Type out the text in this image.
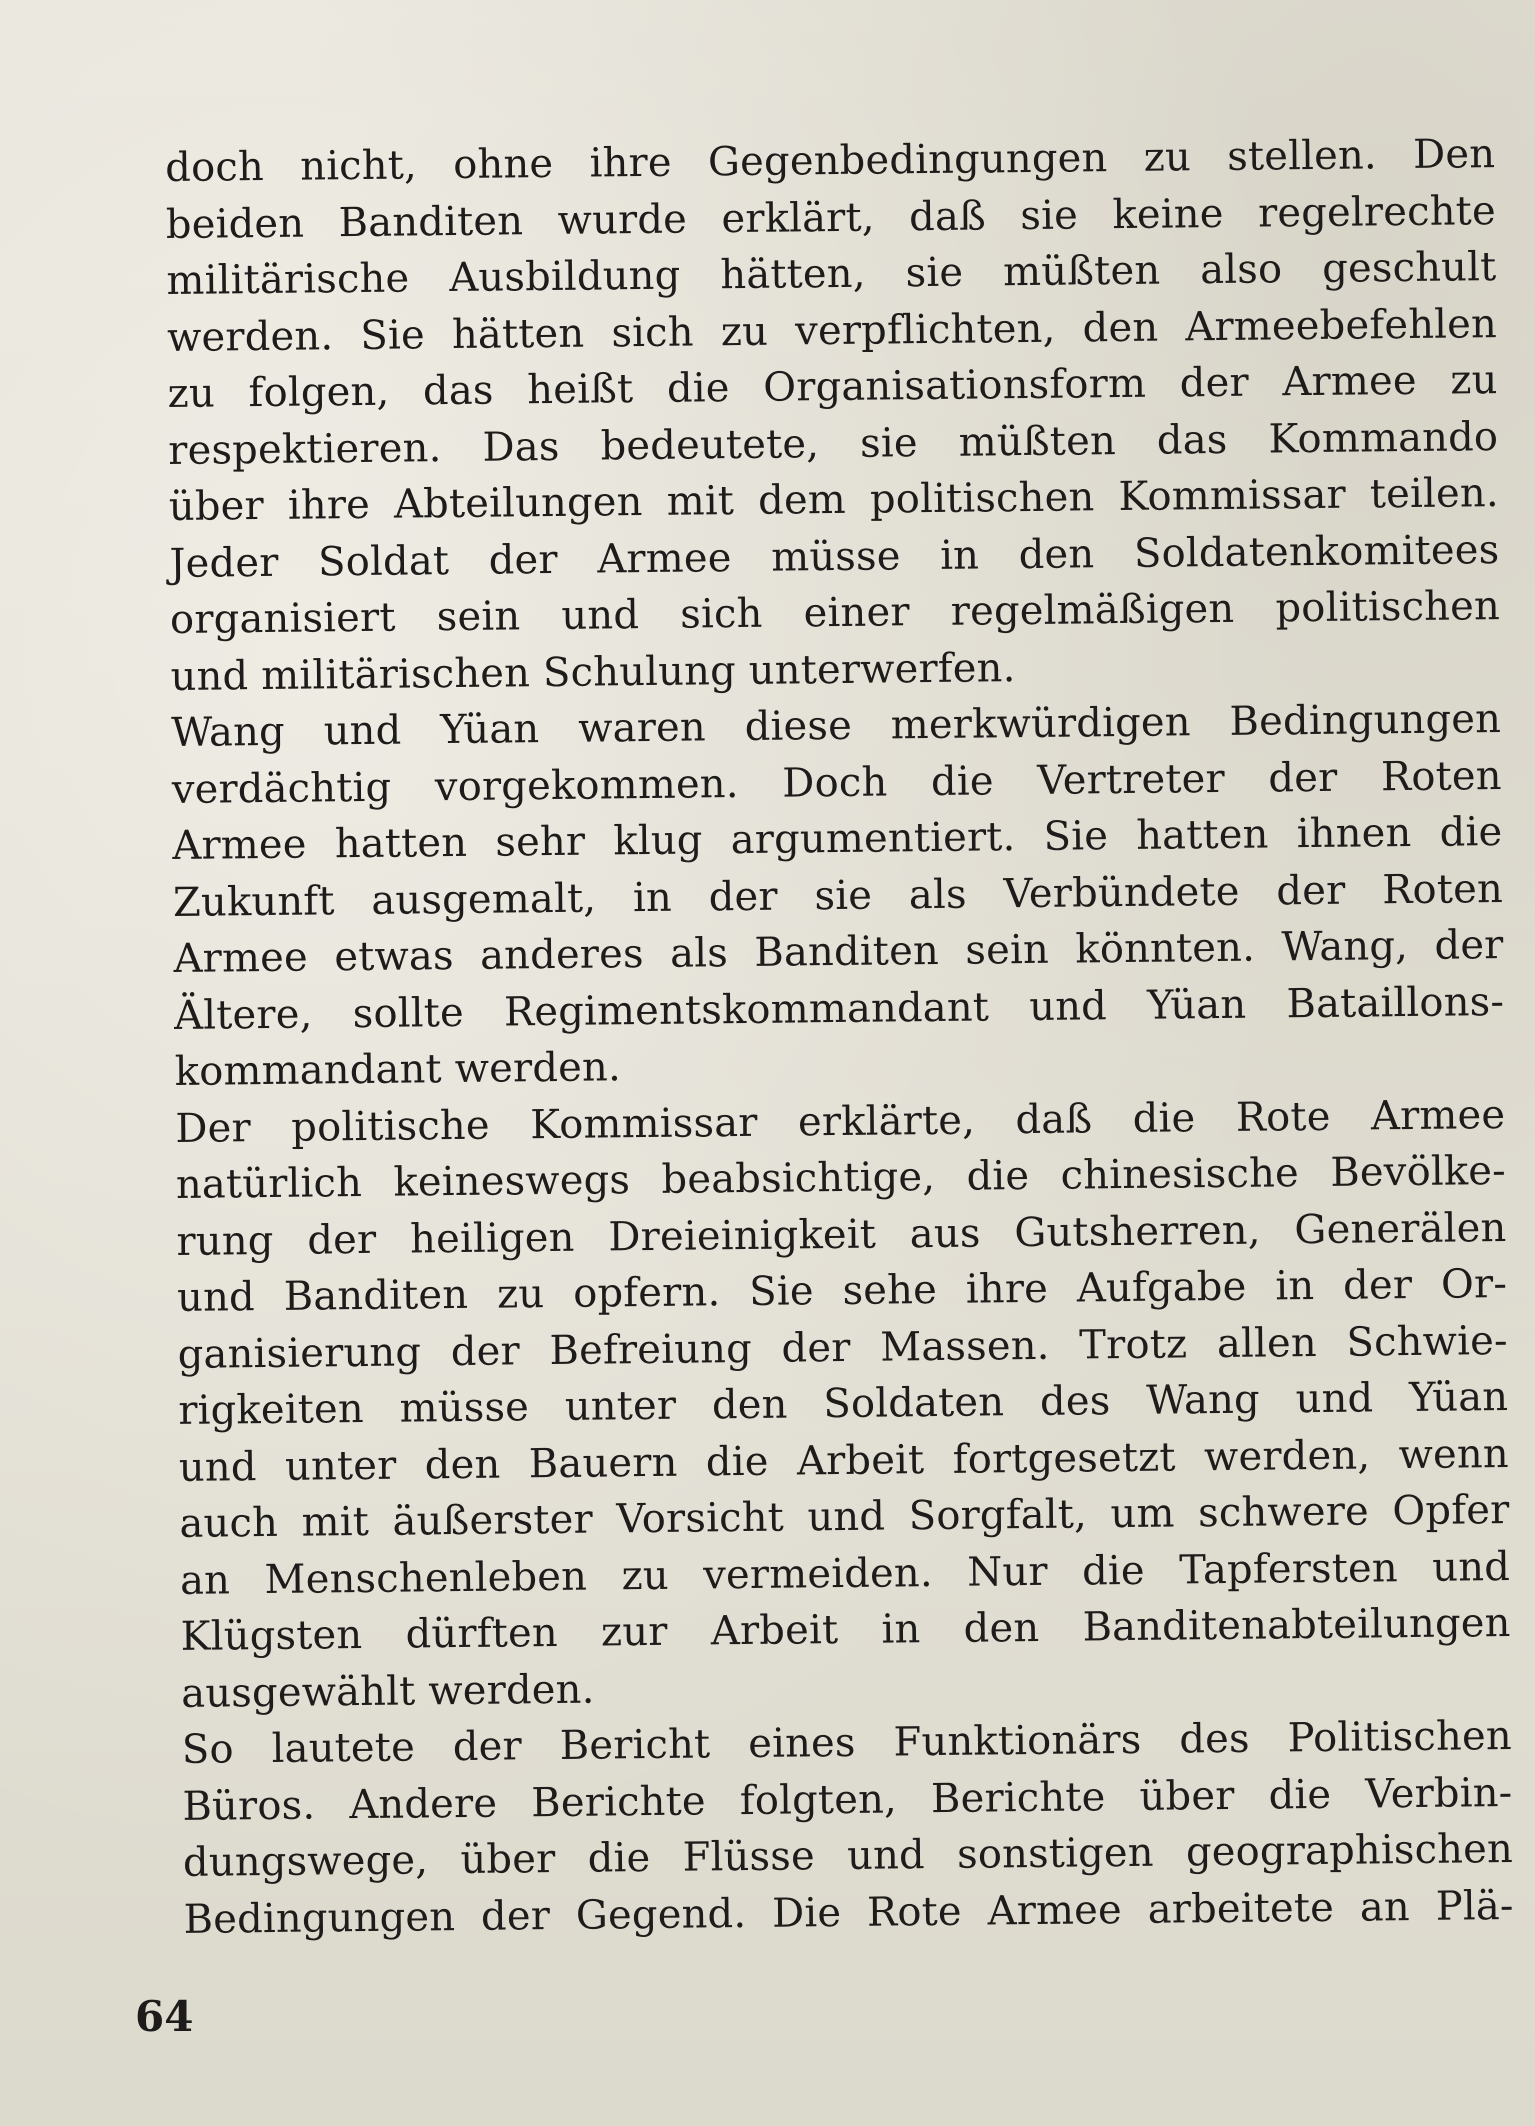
doch nicht, ohne ihre Gegenbedingungen zu stellen. Den
beiden Banditen wurde erklärt, daß sie keine regelrechte
militärische Ausbildung hätten, sie müßten also geschult
werden. Sie hätten sich zu verpflichten, den Armeebefehlen
zu folgen, das heißt die Organisationsform der Armee zu
respektieren. Das bedeutete, sie müßten das Kommando
über ihre Abteilungen mit dem politischen Kommissar teilen.
Jeder Soldat der Armee müsse in den Soldatenkomitees
organisiert sein und sich einer regelmäßigen politischen
und militärischen Schulung unterwerfen.
Wang und Yüan waren diese merkwürdigen Bedingungen
verdächtig vorgekommen. Doch die Vertreter der Roten
Armee hatten sehr klug argumentiert. Sie hatten ihnen die
Zukunft ausgemalt, in der sie als Verbündete der Roten
Armee etwas anderes als Banditen sein könnten. Wang, der
Ältere, sollte Regimentskommandant und Yüan Bataillons-
kommandant werden.
Der politische Kommissar erklärte, daß die Rote Armee
natürlich keineswegs beabsichtige, die chinesische Bevölke-
rung der heiligen Dreieinigkeit aus Gutsherren, Generälen
und Banditen zu opfern. Sie sehe ihre Aufgabe in der Or-
ganisierung der Befreiung der Massen. Trotz allen Schwie-
rigkeiten müsse unter den Soldaten des Wang und Yüan
und unter den Bauern die Arbeit fortgesetzt werden, wenn
auch mit äußerster Vorsicht und Sorgfalt, um schwere Opfer
an Menschenleben zu vermeiden. Nur die Tapfersten und
Klügsten dürften zur Arbeit in den Banditenabteilungen
ausgewählt werden.
So lautete der Bericht eines Funktionärs des Politischen
Büros. Andere Berichte folgten, Berichte über die Verbin-
dungswege, über die Flüsse und sonstigen geographischen
Bedingungen der Gegend. Die Rote Armee arbeitete an Plä-
64
